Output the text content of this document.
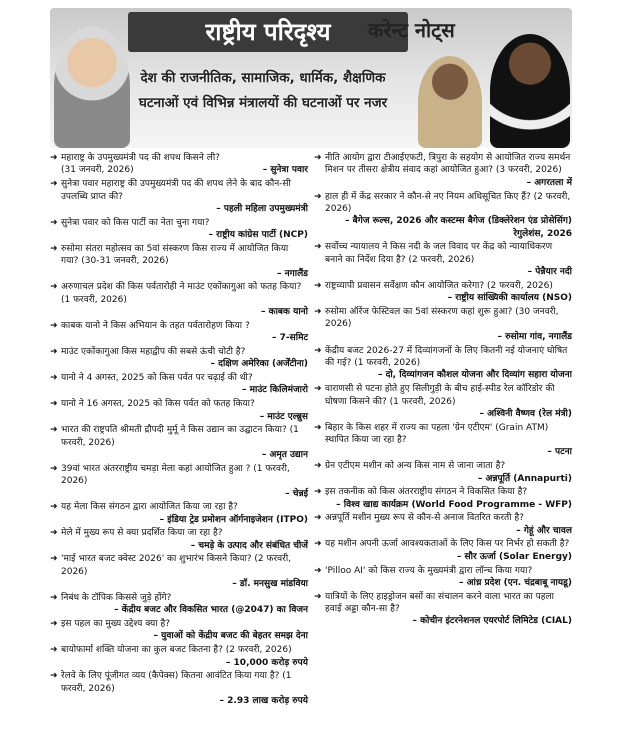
राष्ट्रीय परिदृश्य	करेन्ट नोट्स
देश की राजनीतिक, सामाजिक, धार्मिक, शैक्षणिक घटनाओं एवं विभिन्न मंत्रालयों की घटनाओं पर नजर
➜ महाराष्ट्र के उपमुख्यमंत्री पद की शपथ किसने ली?

(31 जनवरी, 2026)	– सुनेत्रा पवार
➜ सुनेत्रा पवार महाराष्ट्र की उपमुख्यमंत्री पद की शपथ लेने के बाद कौन-सी उपलब्धि प्राप्त की?
– पहली महिला उपमुख्यमंत्री
➜ सुनेत्रा पवार को किस पार्टी का नेता चुना गया?
– राष्ट्रीय कांग्रेस पार्टी (NCP)
➜ रुसोमा संतरा महोत्सव का 5वां संस्करण किस राज्य में आयोजित किया गया? (30-31 जनवरी, 2026)
– नगालैंड
➜ अरुणाचल प्रदेश की किस पर्वतारोही ने माउंट एकोंकागुआ को फतह किया? (1 फरवरी, 2026)
– काबक यानो
➜ काबक यानो ने किस अभियान के तहत पर्वतारोहण किया ?
– 7-समिट
➜ माउंट एकोंकागुआ किस महाद्वीप की सबसे ऊंची चोटी है?
– दक्षिण अमेरिका (अर्जेंटीना)
➜ यानो ने 4 अगस्त, 2025 को किस पर्वत पर चढ़ाई की थी?
– माउंट किलिमंजारो
➜ यानो ने 16 अगस्त, 2025 को किस पर्वत को फतह किया?
– माउंट एल्ब्रुस
➜ भारत की राष्ट्रपति श्रीमती द्रौपदी मुर्मू ने किस उद्यान का उद्घाटन किया? (1 फरवरी, 2026)
– अमृत उद्यान
➜ 39वां भारत अंतरराष्ट्रीय चमड़ा मेला कहां आयोजित हुआ ? (1 फरवरी, 2026)
– चेन्नई
➜ यह मेला किस संगठन द्वारा आयोजित किया जा रहा है?
– इंडिया ट्रेड प्रमोशन ऑर्गनाइजेशन (ITPO)
➜ मेले में मुख्य रूप से क्या प्रदर्शित किया जा रहा है?
– चमड़े के उत्पाद और संबंधित चीजें
➜ 'माई भारत बजट क्वेस्ट 2026' का शुभारंभ किसने किया? (2 फरवरी, 2026)
– डॉ. मनसुख मांडविया
➜ निबंध के टॉपिक किससे जुड़े होंगे?
– केंद्रीय बजट और विकसित भारत (@2047) का विजन
➜ इस पहल का मुख्य उद्देश्य क्या है?
– युवाओं को केंद्रीय बजट की बेहतर समझ देना
➜ बायोफार्मा शक्ति योजना का कुल बजट कितना है? (2 फरवरी, 2026)
– 10,000 करोड़ रुपये
➜ रेलवे के लिए पूंजीगत व्यय (कैपेक्स) कितना आवंटित किया गया है? (1 फरवरी, 2026)
– 2.93 लाख करोड़ रुपये
➜ नीति आयोग द्वारा टीआईएफटी, त्रिपुरा के सहयोग से आयोजित राज्य समर्थन मिशन पर तीसरा क्षेत्रीय संवाद कहां आयोजित हुआ? (3 फरवरी, 2026)
– अगरतला में
➜ हाल ही में केंद्र सरकार ने कौन-से नए नियम अधिसूचित किए हैं? (2 फरवरी, 2026)
– बैगेज रूल्स, 2026 और कस्टम्स बैगेज (डिक्लेरेशन एंड प्रोसेसिंग) रेगुलेशंस, 2026
➜ सर्वोच्च न्यायालय ने किस नदी के जल विवाद पर केंद्र को न्यायाधिकरण बनाने का निर्देश दिया है? (2 फरवरी, 2026)
– पेन्नैयार नदी
➜ राष्ट्रव्यापी प्रवासन सर्वेक्षण कौन आयोजित करेगा? (2 फरवरी, 2026)
– राष्ट्रीय सांख्यिकी कार्यालय (NSO)
➜ रुसोमा ऑरेंज फेस्टिवल का 5वां संस्करण कहां शुरू हुआ? (30 जनवरी, 2026)
– रुसोमा गांव, नगालैंड
➜ केंद्रीय बजट 2026-27 में दिव्यांगजनों के लिए कितनी नई योजनाएं घोषित की गई? (1 फरवरी, 2026)
– दो, दिव्यांगजन कौशल योजना और दिव्यांग सहारा योजना
➜ वाराणसी से पटना होते हुए सिलीगुड़ी के बीच हाई-स्पीड रेल कॉरिडोर की घोषणा किसने की? (1 फरवरी, 2026)
– अश्विनी वैष्णव (रेल मंत्री)
➜ बिहार के किस शहर में राज्य का पहला 'ग्रेन एटीएम' (Grain ATM) स्थापित किया जा रहा है?
– पटना
➜ ग्रेन एटीएम मशीन को अन्य किस नाम से जाना जाता है?
– अन्नपूर्ति (Annapurti)
➜ इस तकनीक को किस अंतरराष्ट्रीय संगठन ने विकसित किया है?
– विश्व खाद्य कार्यक्रम (World Food Programme - WFP)
➜ अन्नपूर्ति मशीन मुख्य रूप से कौन-से अनाज वितरित करती है?
– गेहूं और चावल
➜ यह मशीन अपनी ऊर्जा आवश्यकताओं के लिए किस पर निर्भर हो सकती है?
– सौर ऊर्जा (Solar Energy)
➜ 'Pilloo AI' को किस राज्य के मुख्यमंत्री द्वारा लॉन्च किया गया?
– आंध्र प्रदेश (एन. चंद्रबाबू नायडू)
➜ यात्रियों के लिए हाइड्रोजन बसों का संचालन करने वाला भारत का पहला हवाई अड्डा कौन-सा है?
– कोचीन इंटरनेशनल एयरपोर्ट लिमिटेड (CIAL)
